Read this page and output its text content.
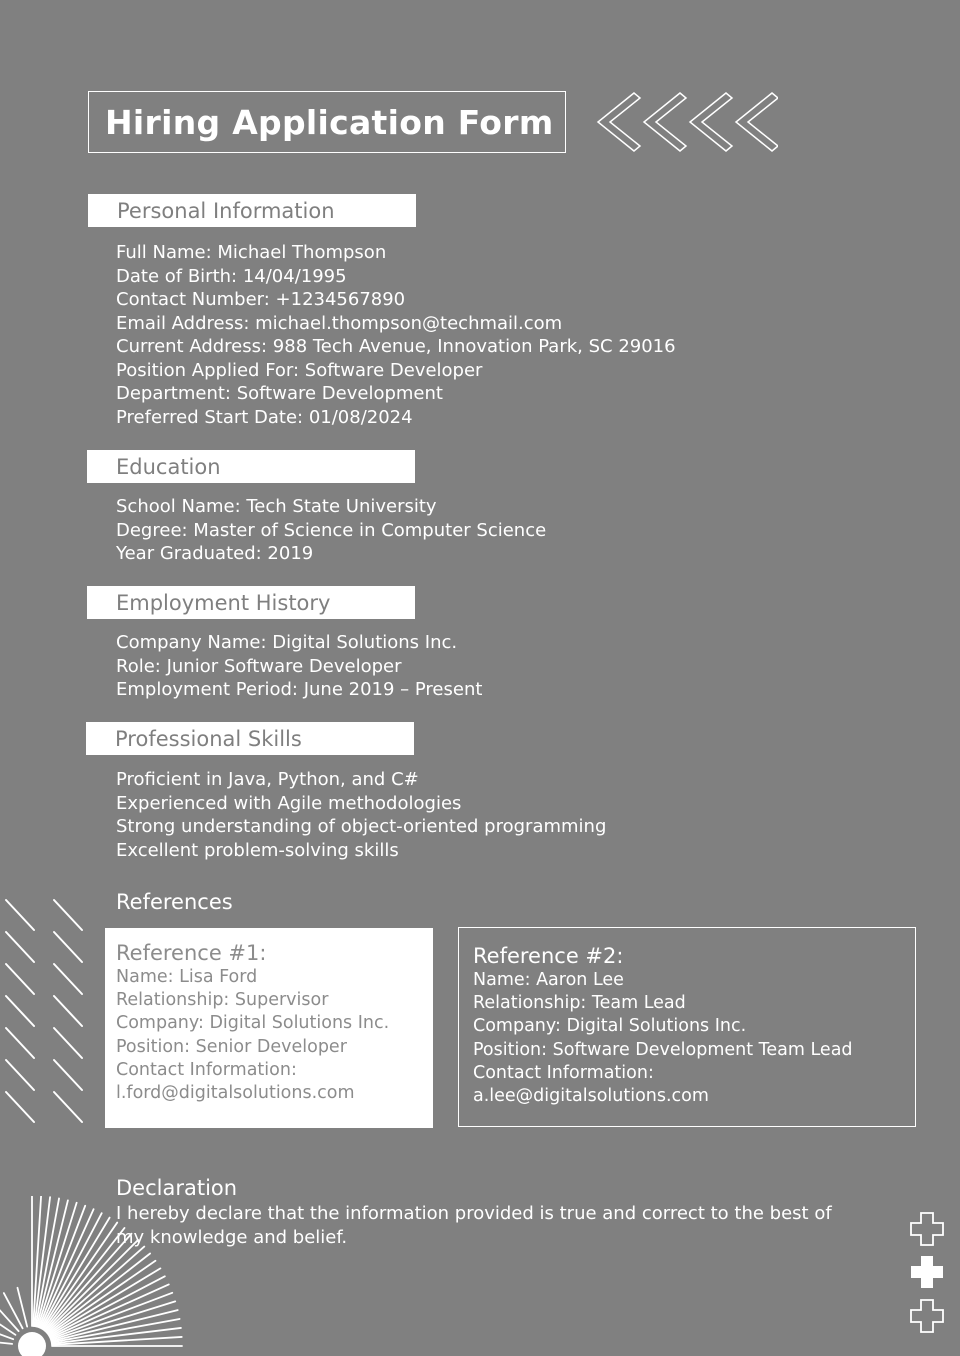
Hiring Application Form
Personal Information
Full Name: Michael Thompson
Date of Birth: 14/04/1995
Contact Number: +1234567890
Email Address: michael.thompson@techmail.com
Current Address: 988 Tech Avenue, Innovation Park, SC 29016
Position Applied For: Software Developer
Department: Software Development
Preferred Start Date: 01/08/2024
Education
School Name: Tech State University
Degree: Master of Science in Computer Science
Year Graduated: 2019
Employment History
Company Name: Digital Solutions Inc.
Role: Junior Software Developer
Employment Period: June 2019 – Present
Professional Skills
Proficient in Java, Python, and C#
Experienced with Agile methodologies
Strong understanding of object-oriented programming
Excellent problem-solving skills
References
Reference #1:
Name: Lisa Ford
Relationship: Supervisor
Company: Digital Solutions Inc.
Position: Senior Developer
Contact Information:
l.ford@digitalsolutions.com
Reference #2:
Name: Aaron Lee
Relationship: Team Lead
Company: Digital Solutions Inc.
Position: Software Development Team Lead
Contact Information:
a.lee@digitalsolutions.com
Declaration
I hereby declare that the information provided is true and correct to the best of my knowledge and belief.
